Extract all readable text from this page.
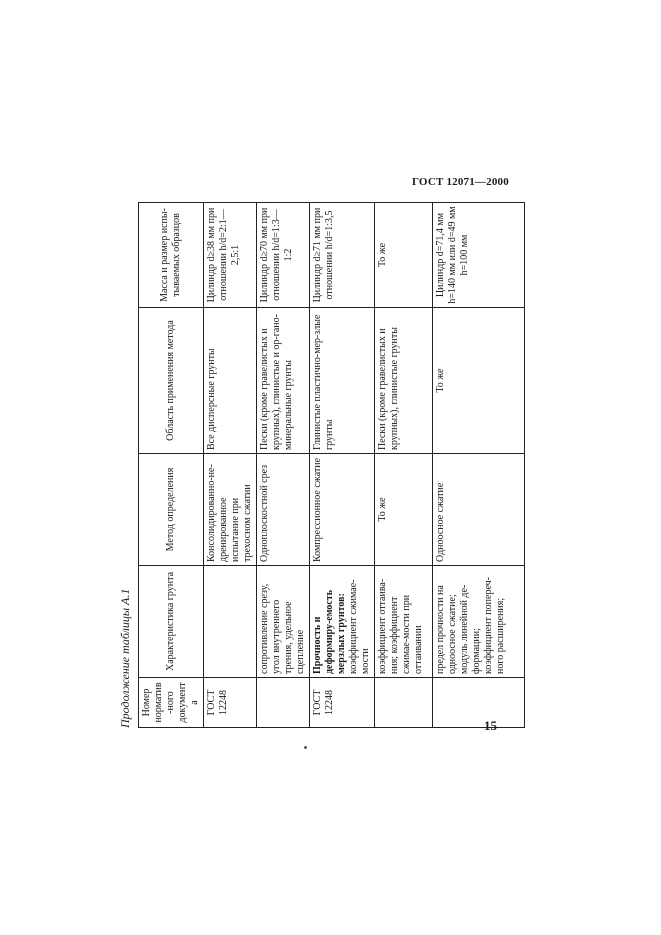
ГОСТ 12071—2000
Продолжение таблицы А.1 Номер норматив-ного документа	Характеристика грунта	Метод определения	Область применения метода	Масса и размер испы-тываемых образцов
ГОСТ 12248		Консолидированно-не-дренированное испытание при трехосном сжатии	Все дисперсные грунты	Цилиндр d≥38 мм при отношении h/d=2:1—2,5:1
	сопротивление срезу, угол внутреннего трения, удельное сцепление	Одноплоскостной срез	Пески (кроме гравелистых и крупных), глинистые и ор-гано-минеральные грунты	Цилиндр d≥70 мм при отношении h/d=1:3—1:2
ГОСТ 12248	Прочность и деформиру-емость мерзлых грунтов: коэффициент сжимае-мости	Компрессионное сжатие	Глинистые пластично-мер-злые грунты	Цилиндр d≥71 мм при отношении h/d=1:3,5
	коэффициент оттаива-ния; коэффициент сжимае-мости при оттаивании	То же	Пески (кроме гравелистых и крупных), глинистые грунты	То же
	предел прочности на одноосное сжатие; модуль линейной де-формации; коэффициент попереч-ного расширения;	Одноосное сжатие	То же	Цилиндр d=71,4 мм h=140 мм или d=49 мм h=100 мм
15
